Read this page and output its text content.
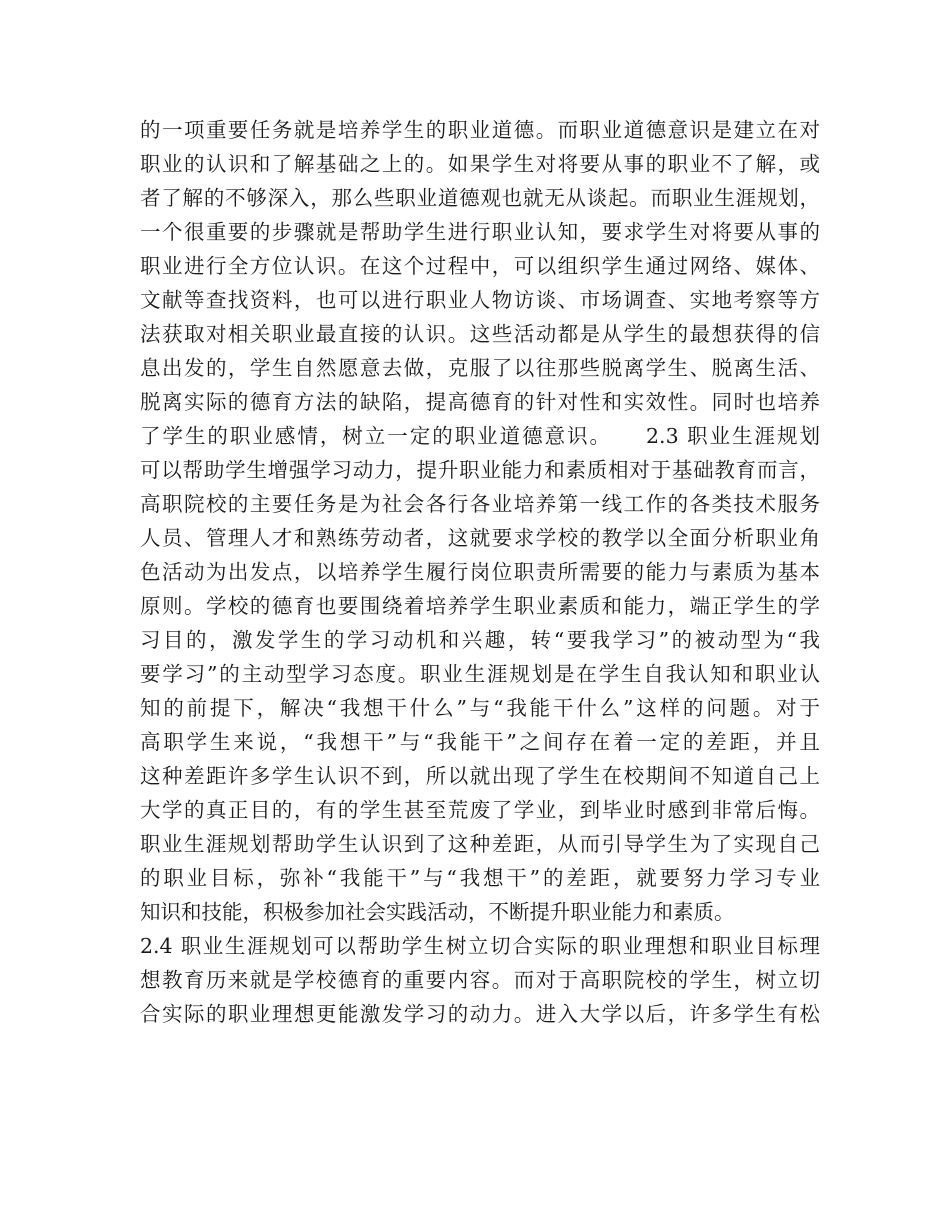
的一项重要任务就是培养学生的职业道德。而职业道德意识是建立在对
职业的认识和了解基础之上的。如果学生对将要从事的职业不了解，或
者了解的不够深入，那么些职业道德观也就无从谈起。而职业生涯规划，
一个很重要的步骤就是帮助学生进行职业认知，要求学生对将要从事的
职业进行全方位认识。在这个过程中，可以组织学生通过网络、媒体、
文献等查找资料，也可以进行职业人物访谈、市场调查、实地考察等方
法获取对相关职业最直接的认识。这些活动都是从学生的最想获得的信
息出发的，学生自然愿意去做，克服了以往那些脱离学生、脱离生活、
脱离实际的德育方法的缺陷，提高德育的针对性和实效性。同时也培养
了学生的职业感情，树立一定的职业道德意识。    2.3 职业生涯规划
可以帮助学生增强学习动力，提升职业能力和素质相对于基础教育而言，
高职院校的主要任务是为社会各行各业培养第一线工作的各类技术服务
人员、管理人才和熟练劳动者，这就要求学校的教学以全面分析职业角
色活动为出发点，以培养学生履行岗位职责所需要的能力与素质为基本
原则。学校的德育也要围绕着培养学生职业素质和能力，端正学生的学
习目的，激发学生的学习动机和兴趣，转“要我学习”的被动型为“我
要学习”的主动型学习态度。职业生涯规划是在学生自我认知和职业认
知的前提下，解决“我想干什么”与“我能干什么”这样的问题。对于
高职学生来说，“我想干”与“我能干”之间存在着一定的差距，并且
这种差距许多学生认识不到，所以就出现了学生在校期间不知道自己上
大学的真正目的，有的学生甚至荒废了学业，到毕业时感到非常后悔。
职业生涯规划帮助学生认识到了这种差距，从而引导学生为了实现自己
的职业目标，弥补“我能干”与“我想干”的差距，就要努力学习专业
知识和技能，积极参加社会实践活动，不断提升职业能力和素质。
2.4 职业生涯规划可以帮助学生树立切合实际的职业理想和职业目标理
想教育历来就是学校德育的重要内容。而对于高职院校的学生，树立切
合实际的职业理想更能激发学习的动力。进入大学以后，许多学生有松
